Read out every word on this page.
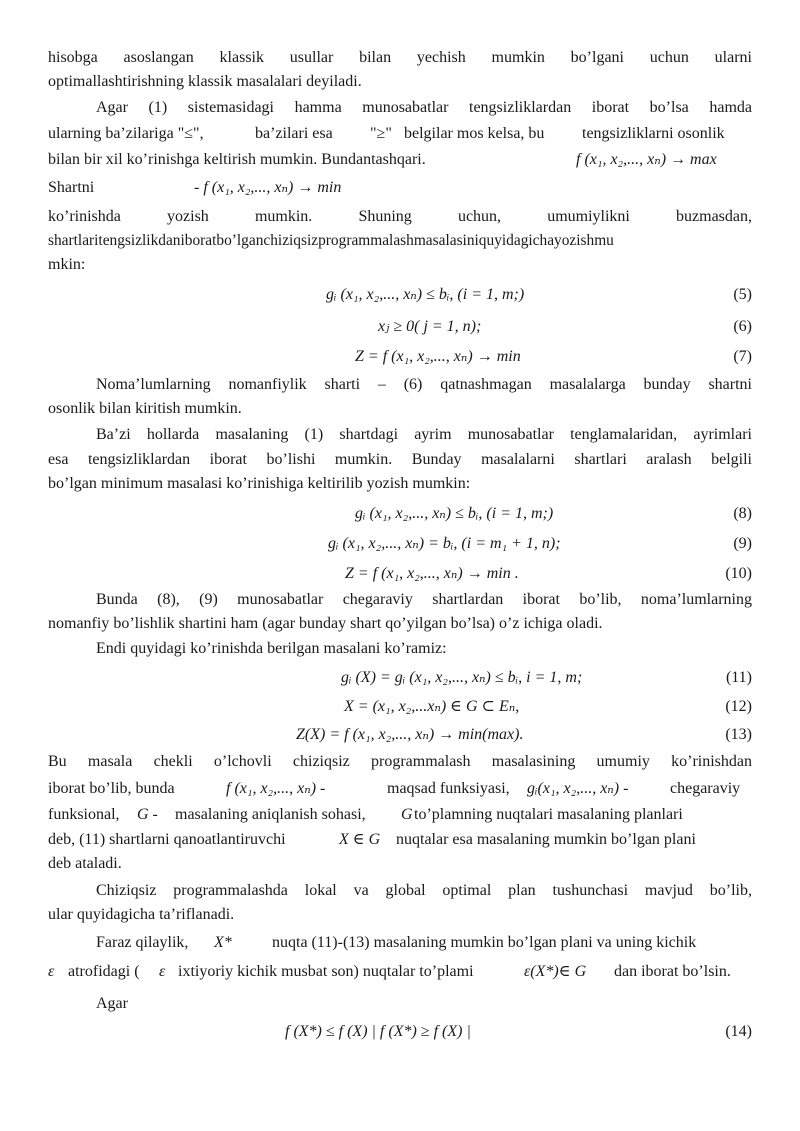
hisobga asoslangan klassik usullar bilan yechish mumkin bo’lgani uchun ularni
optimallashtirishning klassik masalalari deyiladi.
Agar (1) sistemasidagi hamma munosabatlar tengsizliklardan iborat bo’lsa hamda
ularning ba’zilariga "≤",	ba’zilari esa "≥" belgilar mos kelsa, bu tengsizliklarni osonlik
bilan bir xil ko’rinishga keltirish mumkin. Bundantashqari.	f (x₁, x₂,..., xₙ) → max
Shartni	- f (x₁, x₂,..., xₙ) → min
ko’rinishda yozish mumkin. Shuning uchun, umumiylikni buzmasdan,
shartlaritengsizlikdaniboratbo’lganchiziqsizprogrammalashmasalasiniquyidagichayozishmu
mkin:
gᵢ (x₁, x₂,..., xₙ) ≤ bᵢ, (i = 1, m;)	(5)
xⱼ ≥ 0( j = 1, n);	(6)
Z = f (x₁, x₂,..., xₙ) → min	(7)
Noma’lumlarning nomanfiylik sharti – (6) qatnashmagan masalalarga bunday shartni
osonlik bilan kiritish mumkin.
Ba’zi hollarda masalaning (1) shartdagi ayrim munosabatlar tenglamalaridan, ayrimlari
esa tengsizliklardan iborat bo’lishi mumkin. Bunday masalalarni shartlari aralash belgili
bo’lgan minimum masalasi ko’rinishiga keltirilib yozish mumkin:
gᵢ (x₁, x₂,..., xₙ) ≤ bᵢ, (i = 1, m;)	(8)
gᵢ (x₁, x₂,..., xₙ) = bᵢ, (i = m₁ + 1, n);	(9)
Z = f (x₁, x₂,..., xₙ) → min .	(10)
Bunda (8), (9) munosabatlar chegaraviy shartlardan iborat bo’lib, noma’lumlarning
nomanfiy bo’lishlik shartini ham (agar bunday shart qo’yilgan bo’lsa) o’z ichiga oladi.
Endi quyidagi ko’rinishda berilgan masalani ko’ramiz:
gᵢ (X) = gᵢ (x₁, x₂,..., xₙ) ≤ bᵢ, i = 1, m;	(11)
X = (x₁, x₂,...xₙ) ∈ G ⊂ Eₙ,	(12)
Z(X) = f (x₁, x₂,..., xₙ) → min(max).	(13)
Bu masala chekli o’lchovli chiziqsiz programmalash masalasining umumiy ko’rinishdan
iborat bo’lib, bunda	f (x₁, x₂,..., xₙ) -	maqsad funksiyasi, gᵢ(x₁, x₂,..., xₙ) -	chegaraviy
funksional, G - masalaning aniqlanish sohasi, G to’plamning nuqtalari masalaning planlari
deb, (11) shartlarni qanoatlantiruvchi	X ∈ G nuqtalar esa masalaning mumkin bo’lgan plani
deb ataladi.
Chiziqsiz programmalashda lokal va global optimal plan tushunchasi mavjud bo’lib,
ular quyidagicha ta’riflanadi.
Faraz qilaylik, X*	nuqta (11)-(13) masalaning mumkin bo’lgan plani va uning kichik
ε atrofidagi ( ε ixtiyoriy kichik musbat son) nuqtalar to’plami	ε(X*)∈ G dan iborat bo’lsin.
Agar
f (X*) ≤ f (X) | f (X*) ≥ f (X) |	(14)
